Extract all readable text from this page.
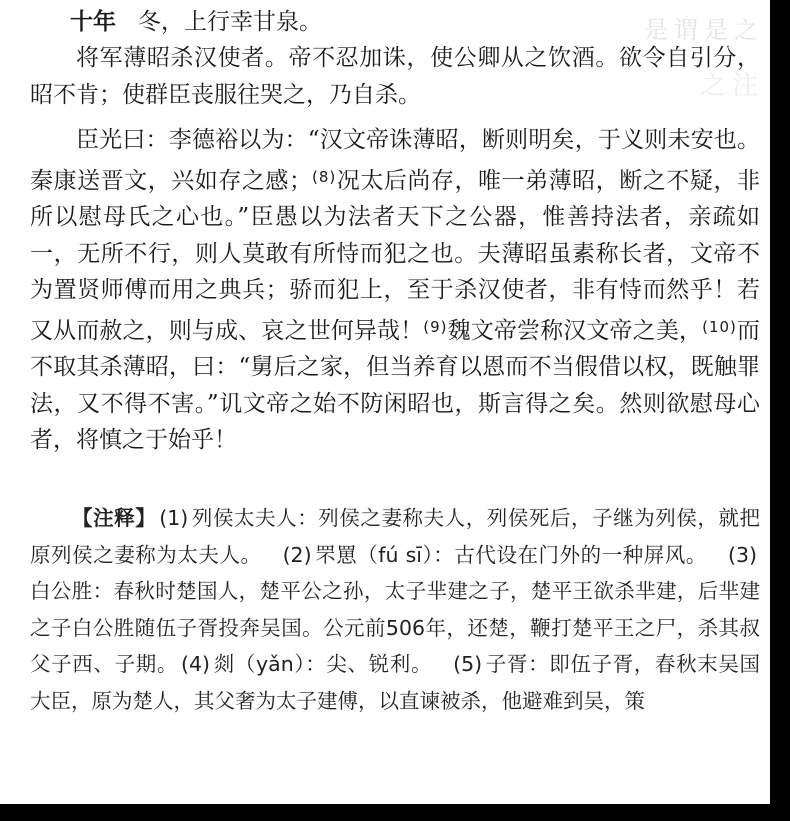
是谓是之
之注

十年 冬，上行幸甘泉。

将军薄昭杀汉使者。帝不忍加诛，使公卿从之饮酒。欲令自引分，昭不肯；使群臣丧服往哭之，乃自杀。

臣光曰：李德裕以为：“汉文帝诛薄昭，断则明矣，于义则未安也。秦康送晋文，兴如存之感；$^{(8)}$况太后尚存，唯一弟薄昭，断之不疑，非所以慰母氏之心也。”臣愚以为法者天下之公器，惟善持法者，亲疏如一，无所不行，则人莫敢有所恃而犯之也。夫薄昭虽素称长者，文帝不为置贤师傅而用之典兵；骄而犯上，至于杀汉使者，非有恃而然乎！若又从而赦之，则与成、哀之世何异哉！$^{(9)}$魏文帝尝称汉文帝之美，$^{(10)}$而不取其杀薄昭，曰：“舅后之家，但当养育以恩而不当假借以权，既触罪法，又不得不害。”讥文帝之始不防闲昭也，斯言得之矣。然则欲慰母心者，将慎之于始乎！

【注释】 (1) 列侯太夫人：列侯之妻称夫人，列侯死后，子继为列侯，就把原列侯之妻称为太夫人。 (2) 罘罳（fú sī）：古代设在门外的一种屏风。 (3)白公胜：春秋时楚国人，楚平公之孙，太子芈建之子，楚平王欲杀芈建，后芈建之子白公胜随伍子胥投奔吴国。公元前506年，还楚，鞭打楚平王之尸，杀其叔父子西、子期。 (4) 剡（yǎn）：尖、锐利。 (5) 子胥：即伍子胥，春秋末吴国大臣，原为楚人，其父奢为太子建傅，以直谏被杀，他避难到吴，策
